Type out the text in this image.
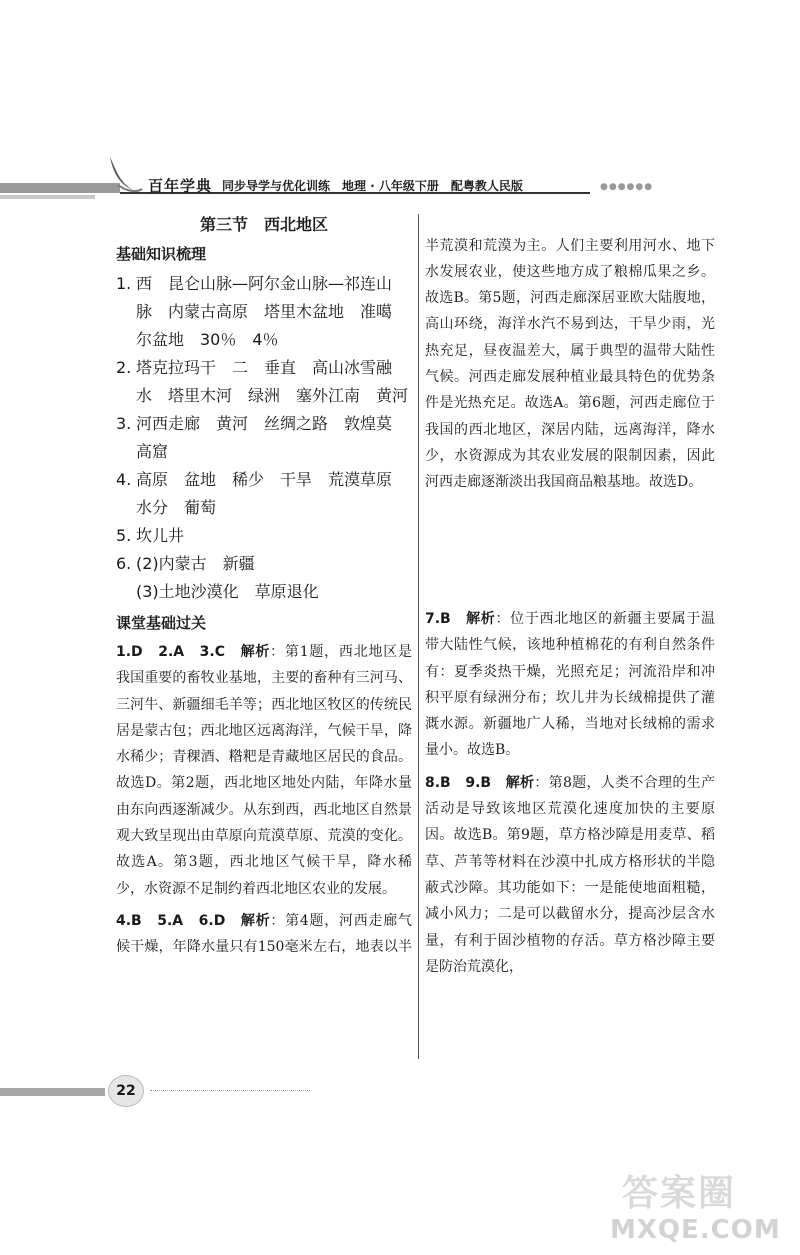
百年学典 同步导学与优化训练　地理 · 八年级下册　配粤教人民版	●●●●●●
第三节　西北地区
基础知识梳理
1. 西　昆仑山脉—阿尔金山脉—祁连山
脉　内蒙古高原　塔里木盆地　准噶
尔盆地　30％　4％
2. 塔克拉玛干　二　垂直　高山冰雪融
水　塔里木河　绿洲　塞外江南　黄河
3. 河西走廊　黄河　丝绸之路　敦煌莫
高窟
4. 高原　盆地　稀少　干旱　荒漠草原
水分　葡萄
5. 坎儿井
6. (2)内蒙古　新疆
(3)土地沙漠化　草原退化
课堂基础过关
1.D　2.A　3.C　 解析：第1题，西北地区是我国重要的畜牧业基地，主要的畜种有三河马、三河牛、新疆细毛羊等；西北地区牧区的传统民居是蒙古包；西北地区远离海洋，气候干旱，降水稀少；青稞酒、糌粑是青藏地区居民的食品。故选D。第2题，西北地区地处内陆，年降水量由东向西逐渐减少。从东到西，西北地区自然景观大致呈现出由草原向荒漠草原、荒漠的变化。故选A。第3题，西北地区气候干旱，降水稀少，水资源不足制约着西北地区农业的发展。
4.B　5.A　6.D　 解析：第4题，河西走廊气候干燥，年降水量只有150毫米左右，地表以半
　 半荒漠和荒漠为主。人们主要利用河水、地下水发展农业，使这些地方成了粮棉瓜果之乡。故选B。第5题，河西走廊深居亚欧大陆腹地，高山环绕，海洋水汽不易到达，干旱少雨，光热充足，昼夜温差大，属于典型的温带大陆性气候。河西走廊发展种植业最具特色的优势条件是光热充足。故选A。第6题，河西走廊位于我国的西北地区，深居内陆，远离海洋，降水少，水资源成为其农业发展的限制因素，因此河西走廊逐渐淡出我国商品粮基地。故选D。
7.B　 解析：位于西北地区的新疆主要属于温带大陆性气候，该地种植棉花的有利自然条件有：夏季炎热干燥，光照充足；河流沿岸和冲积平原有绿洲分布；坎儿井为长绒棉提供了灌溉水源。新疆地广人稀，当地对长绒棉的需求量小。故选B。
8.B　9.B　 解析：第8题，人类不合理的生产活动是导致该地区荒漠化速度加快的主要原因。故选B。第9题，草方格沙障是用麦草、稻草、芦苇等材料在沙漠中扎成方格形状的半隐蔽式沙障。其功能如下：一是能使地面粗糙，减小风力；二是可以截留水分，提高沙层含水量，有利于固沙植物的存活。草方格沙障主要是防治荒漠化，
22
答案圈
MXQE.COM
